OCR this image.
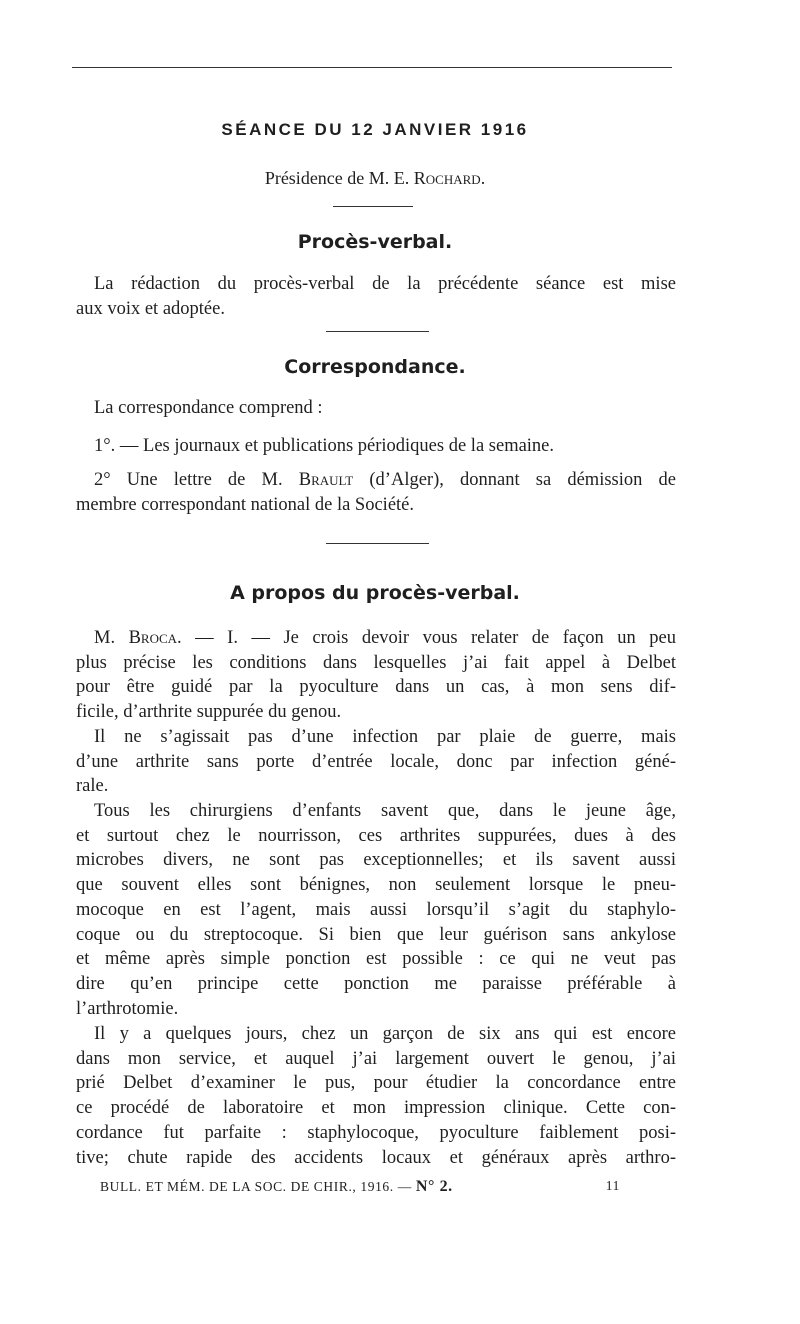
SÉANCE DU 12 JANVIER 1916
Présidence de M. E. Rochard.
Procès-verbal.
La rédaction du procès-verbal de la précédente séance est mise
aux voix et adoptée.
Correspondance.
La correspondance comprend :
1°. — Les journaux et publications périodiques de la semaine.
2° Une lettre de M. Brault (d’Alger), donnant sa démission de
membre correspondant national de la Société.
A propos du procès-verbal.
M. Broca. — I. — Je crois devoir vous relater de façon un peu
plus précise les conditions dans lesquelles j’ai fait appel à Delbet
pour être guidé par la pyoculture dans un cas, à mon sens dif-
ficile, d’arthrite suppurée du genou.
Il ne s’agissait pas d’une infection par plaie de guerre, mais
d’une arthrite sans porte d’entrée locale, donc par infection géné-
rale.
Tous les chirurgiens d’enfants savent que, dans le jeune âge,
et surtout chez le nourrisson, ces arthrites suppurées, dues à des
microbes divers, ne sont pas exceptionnelles; et ils savent aussi
que souvent elles sont bénignes, non seulement lorsque le pneu-
mocoque en est l’agent, mais aussi lorsqu’il s’agit du staphylo-
coque ou du streptocoque. Si bien que leur guérison sans ankylose
et même après simple ponction est possible : ce qui ne veut pas
dire qu’en principe cette ponction me paraisse préférable à
l’arthrotomie.
Il y a quelques jours, chez un garçon de six ans qui est encore
dans mon service, et auquel j’ai largement ouvert le genou, j’ai
prié Delbet d’examiner le pus, pour étudier la concordance entre
ce procédé de laboratoire et mon impression clinique. Cette con-
cordance fut parfaite : staphylocoque, pyoculture faiblement posi-
tive; chute rapide des accidents locaux et généraux après arthro-
BULL. ET MÉM. DE LA SOC. DE CHIR., 1916. — N° 2.	11
